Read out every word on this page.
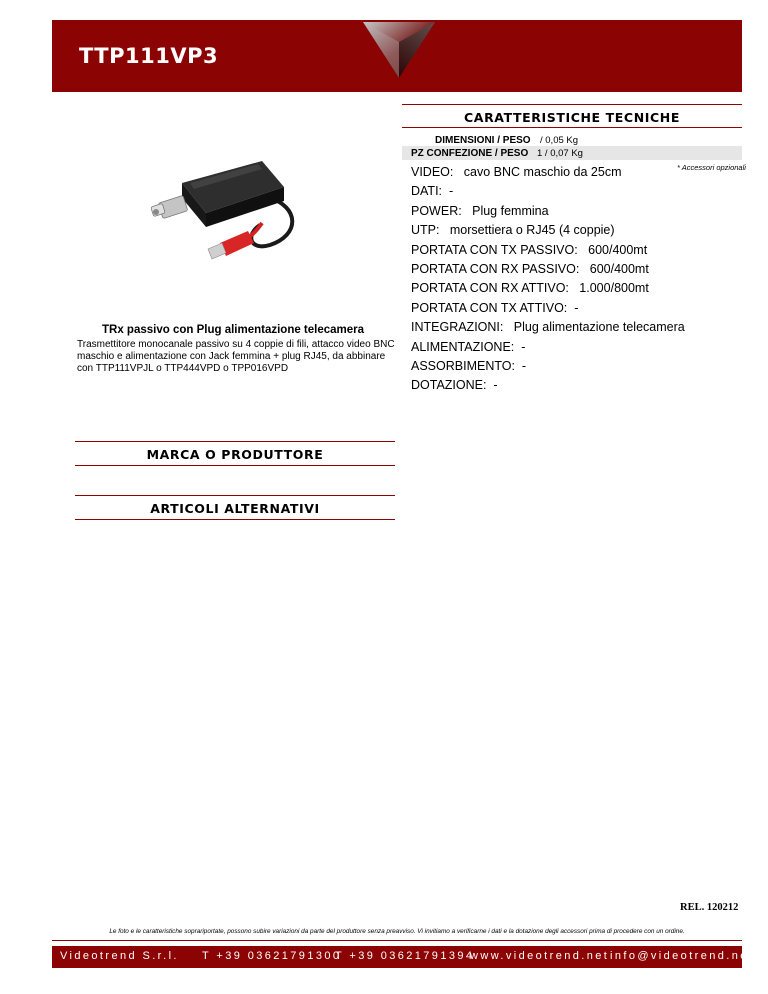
TTP111VP3
CARATTERISTICHE TECNICHE
DIMENSIONI / PESO / 0,05 Kg
PZ CONFEZIONE / PESO 1 / 0,07 Kg
* Accessori opzionali
VIDEO:   cavo BNC maschio da 25cm
DATI:  -
POWER:   Plug femmina
UTP:   morsettiera o RJ45 (4 coppie)
PORTATA CON TX PASSIVO:   600/400mt
PORTATA CON RX PASSIVO:   600/400mt
PORTATA CON RX ATTIVO:   1.000/800mt
PORTATA CON TX ATTIVO:  -
INTEGRAZIONI:   Plug alimentazione telecamera
ALIMENTAZIONE:  -
ASSORBIMENTO:  -
DOTAZIONE:  -
TRx passivo con Plug alimentazione telecamera
Trasmettitore monocanale passivo su 4 coppie di fili, attacco video BNC maschio e alimentazione con Jack femmina + plug RJ45, da abbinare con TTP111VPJL o TTP444VPD o TPP016VPD
MARCA O PRODUTTORE
ARTICOLI ALTERNATIVI
REL. 120212
Le foto e le caratteristiche soprariportate, possono subire variazioni da parte del produttore senza preavviso. Vi invitiamo a verificarne i dati e la dotazione degli accessori prima di procedere con un ordine.
Videotrend S.r.l. T +39 03621791300
T +39 03621791394
www.videotrend.net info@videotrend.net
